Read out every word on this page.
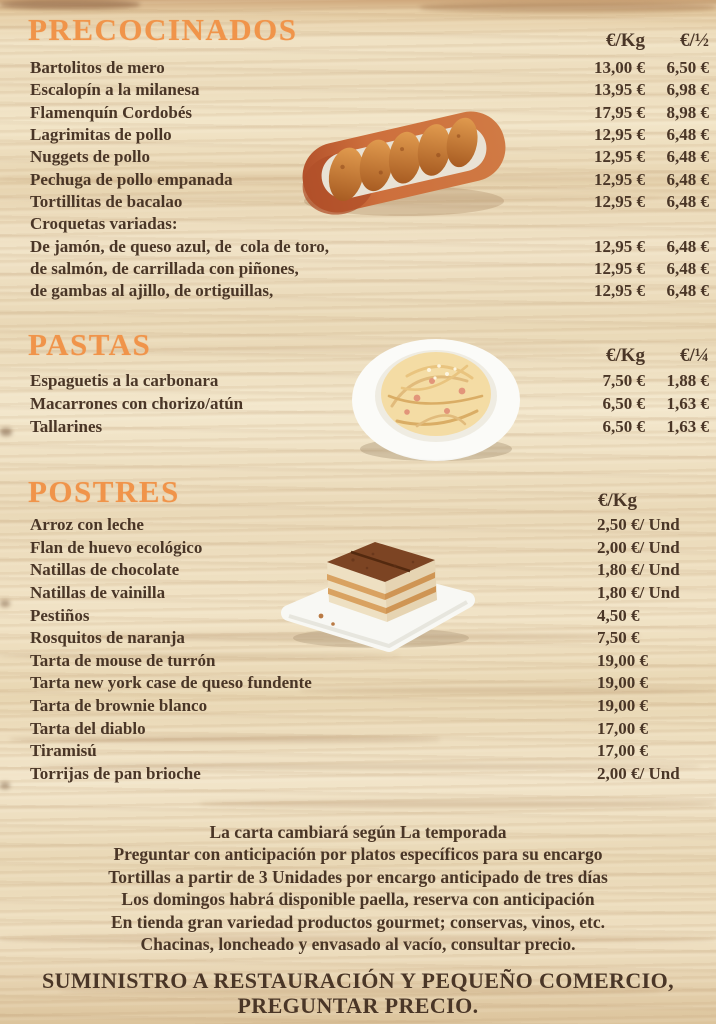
PRECOCINADOS	€/Kg	€/½
Bartolitos de mero	13,00 €	6,50 €
Escalopín a la milanesa	13,95 €	6,98 €
Flamenquín Cordobés	17,95 €	8,98 €
Lagrimitas de pollo	12,95 €	6,48 €
Nuggets de pollo	12,95 €	6,48 €
Pechuga de pollo empanada	12,95 €	6,48 €
Tortillitas de bacalao	12,95 €	6,48 €
Croquetas variadas:
De jamón, de queso azul, de  cola de toro,	12,95 €	6,48 €
de salmón, de carrillada con piñones,	12,95 €	6,48 €
de gambas al ajillo, de ortiguillas,	12,95 €	6,48 €
PASTAS	€/Kg	€/¼
Espaguetis a la carbonara	7,50 €	1,88 €
Macarrones con chorizo/atún	6,50 €	1,63 €
Tallarines	6,50 €	1,63 €
POSTRES	€/Kg
Arroz con leche	2,50 €/ Und
Flan de huevo ecológico	2,00 €/ Und
Natillas de chocolate	1,80 €/ Und
Natillas de vainilla	1,80 €/ Und
Pestiños	4,50 €
Rosquitos de naranja	7,50 €
Tarta de mouse de turrón	19,00 €
Tarta new york case de queso fundente	19,00 €
Tarta de brownie blanco	19,00 €
Tarta del diablo	17,00 €
Tiramisú	17,00 €
Torrijas de pan brioche	2,00 €/ Und
La carta cambiará según La temporada
Preguntar con anticipación por platos específicos para su encargo
Tortillas a partir de 3 Unidades por encargo anticipado de tres días
Los domingos habrá disponible paella, reserva con anticipación
En tienda gran variedad productos gourmet; conservas, vinos, etc.
Chacinas, loncheado y envasado al vacío, consultar precio.
SUMINISTRO A RESTAURACIÓN Y PEQUEÑO COMERCIO,
PREGUNTAR PRECIO.
